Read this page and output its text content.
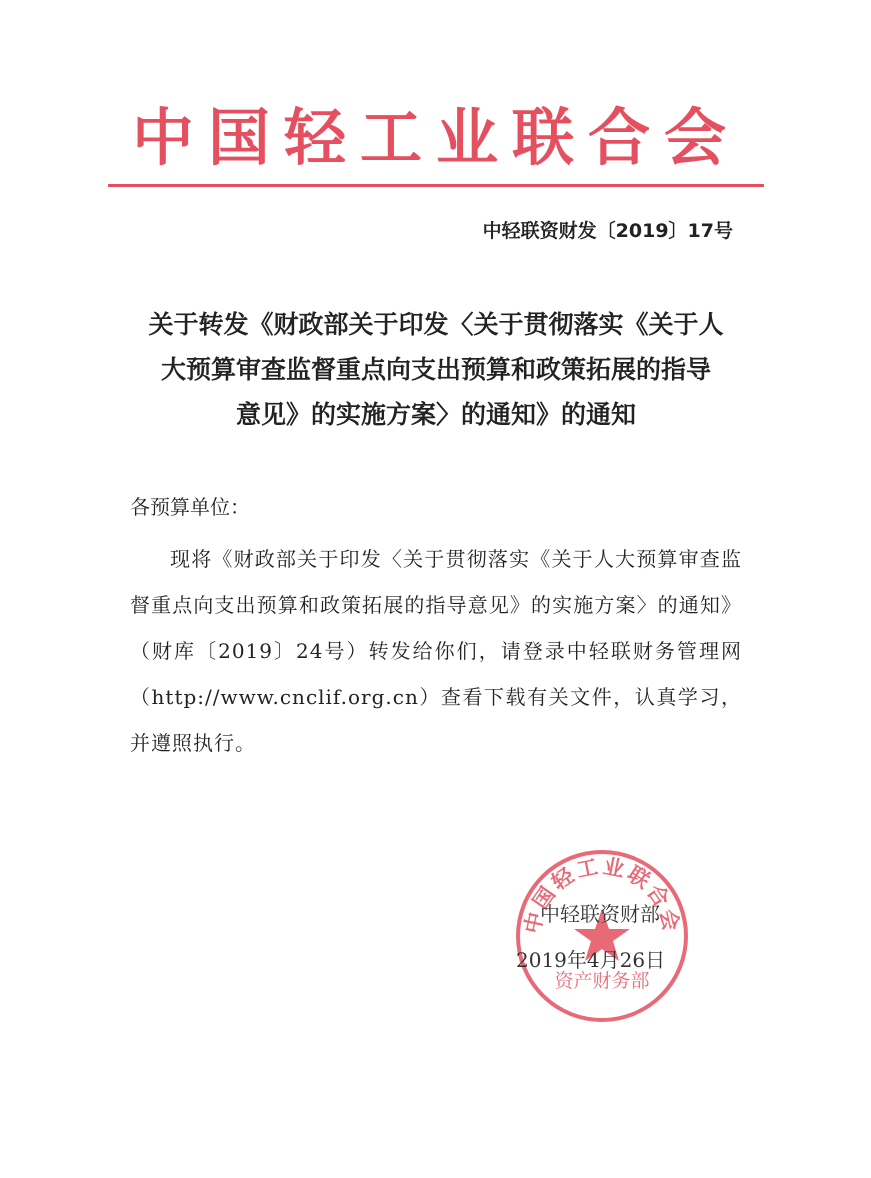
中国轻工业联合会
中轻联资财发〔2019〕17号
关于转发《财政部关于印发〈关于贯彻落实《关于人
大预算审查监督重点向支出预算和政策拓展的指导
意见》的实施方案〉的通知》的通知
各预算单位：
现将《财政部关于印发〈关于贯彻落实《关于人大预算审查监督重点向支出预算和政策拓展的指导意见》的实施方案〉的通知》（财库〔2019〕24号）转发给你们，请登录中轻联财务管理网（http://www.cnclif.org.cn）查看下载有关文件，认真学习，并遵照执行。
中国轻工业联合会
资产财务部
中轻联资财部
2019年4月26日
